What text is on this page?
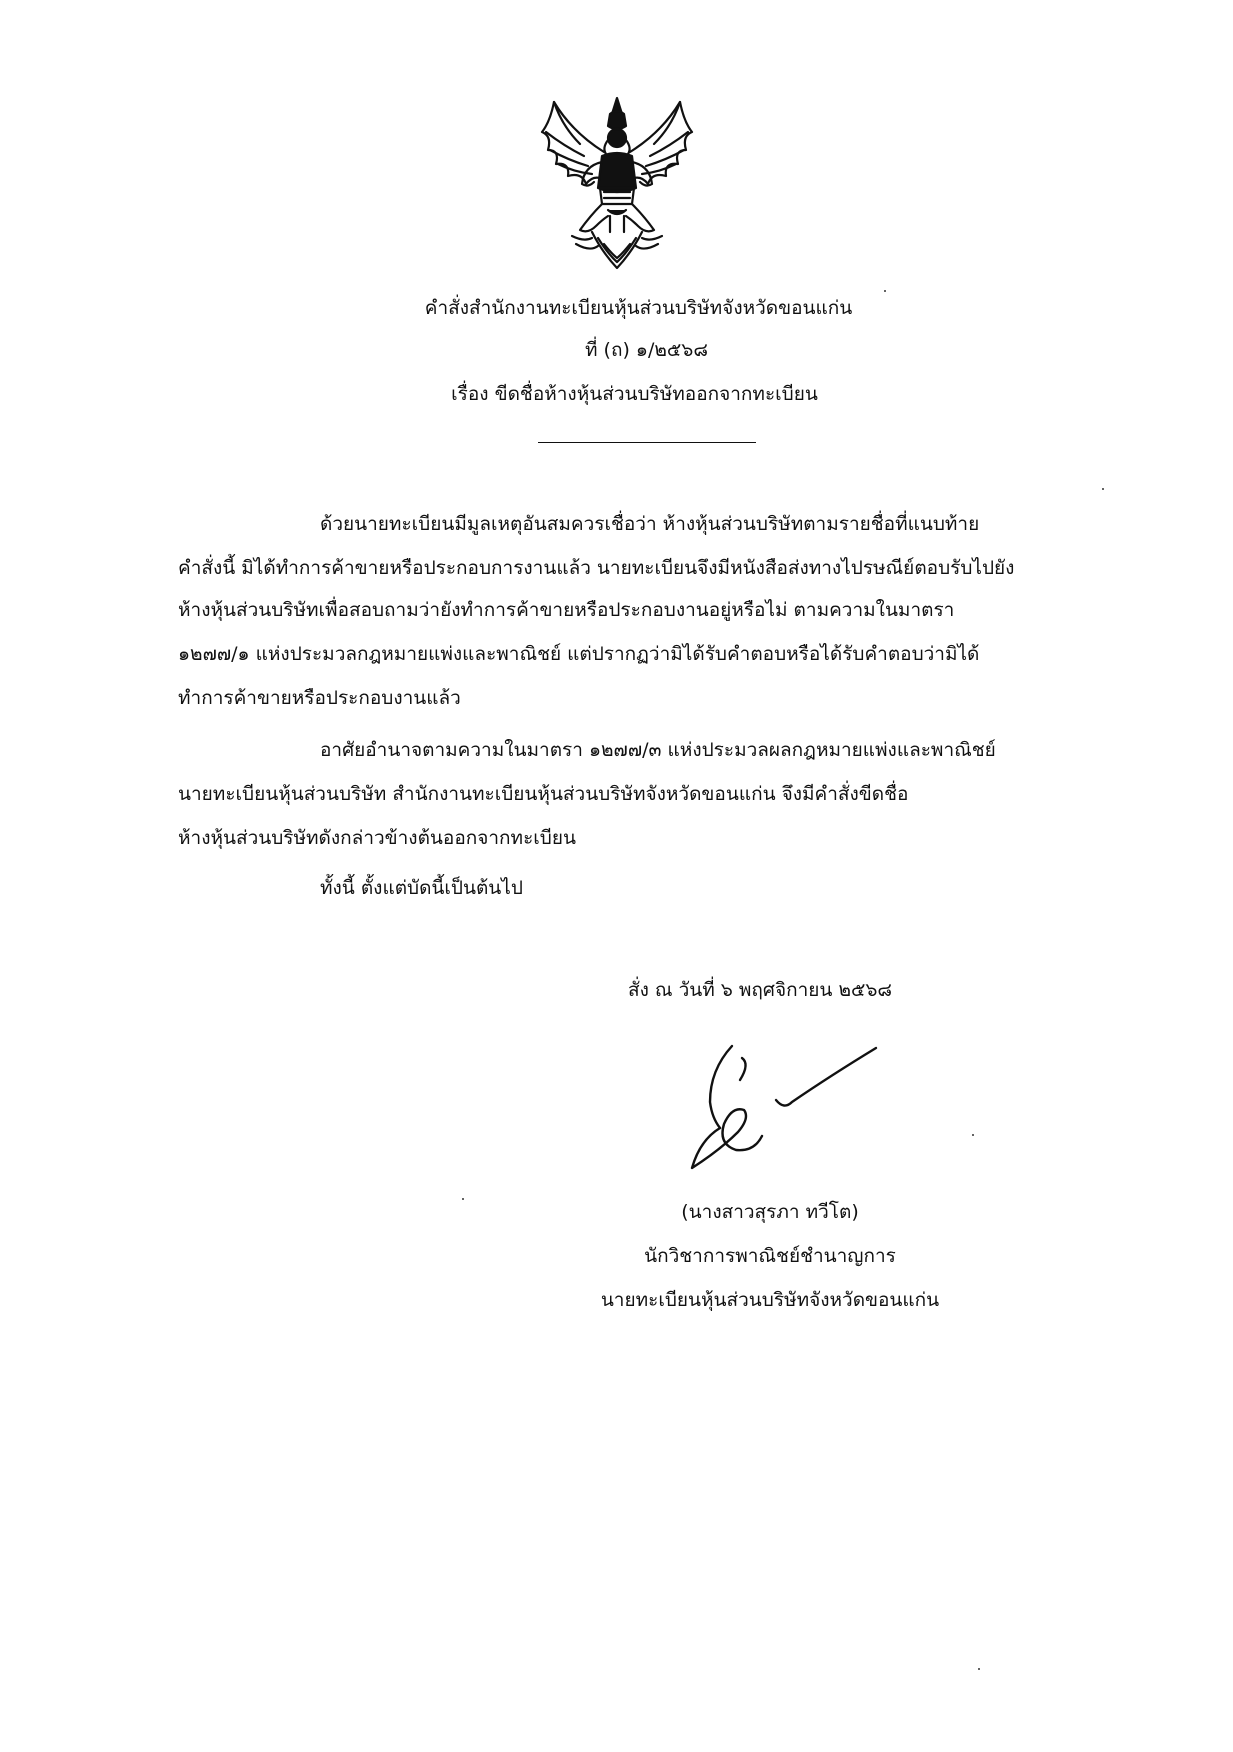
คำสั่งสำนักงานทะเบียนหุ้นส่วนบริษัทจังหวัดขอนแก่น
ที่ (ถ) ๑/๒๕๖๘
เรื่อง ขีดชื่อห้างหุ้นส่วนบริษัทออกจากทะเบียน
ด้วยนายทะเบียนมีมูลเหตุอันสมควรเชื่อว่า ห้างหุ้นส่วนบริษัทตามรายชื่อที่แนบท้าย
คำสั่งนี้ มิได้ทำการค้าขายหรือประกอบการงานแล้ว นายทะเบียนจึงมีหนังสือส่งทางไปรษณีย์ตอบรับไปยัง
ห้างหุ้นส่วนบริษัทเพื่อสอบถามว่ายังทำการค้าขายหรือประกอบงานอยู่หรือไม่ ตามความในมาตรา
๑๒๗๗/๑ แห่งประมวลกฎหมายแพ่งและพาณิชย์ แต่ปรากฏว่ามิได้รับคำตอบหรือได้รับคำตอบว่ามิได้
ทำการค้าขายหรือประกอบงานแล้ว
อาศัยอำนาจตามความในมาตรา ๑๒๗๗/๓ แห่งประมวลผลกฎหมายแพ่งและพาณิชย์
นายทะเบียนหุ้นส่วนบริษัท สำนักงานทะเบียนหุ้นส่วนบริษัทจังหวัดขอนแก่น จึงมีคำสั่งขีดชื่อ
ห้างหุ้นส่วนบริษัทดังกล่าวข้างต้นออกจากทะเบียน
ทั้งนี้ ตั้งแต่บัดนี้เป็นต้นไป
สั่ง ณ วันที่ ๖ พฤศจิกายน ๒๕๖๘
(นางสาวสุรภา ทวีโต)
นักวิชาการพาณิชย์ชำนาญการ
นายทะเบียนหุ้นส่วนบริษัทจังหวัดขอนแก่น
